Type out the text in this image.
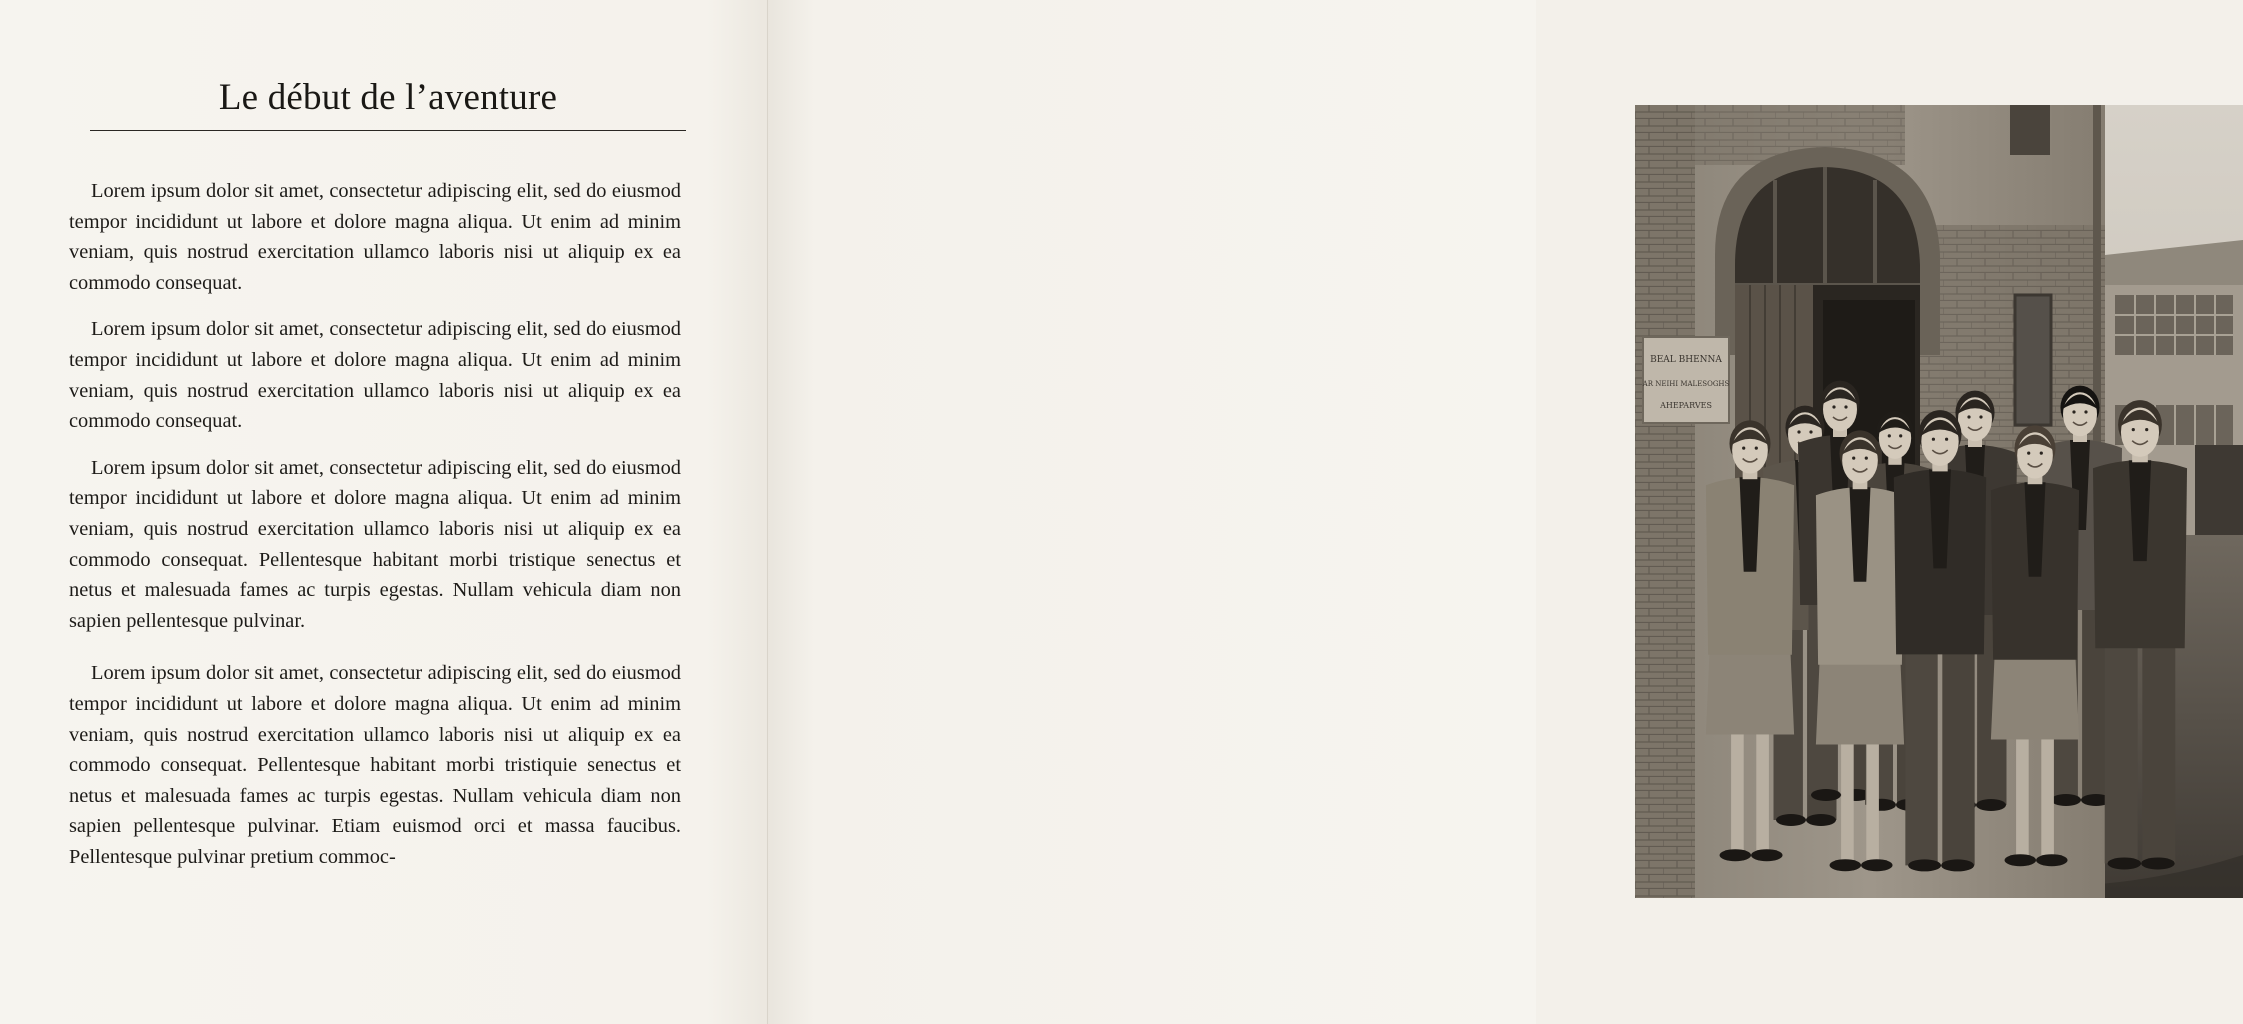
Le début de l’aventure

Lorem ipsum dolor sit amet, consectetur adipiscing elit, sed do eiusmod tempor incididunt ut labore et dolore magna aliqua. Ut enim ad minim veniam, quis nostrud exercitation ullamco laboris nisi ut aliquip ex ea commodo consequat.

Lorem ipsum dolor sit amet, consectetur adipiscing elit, sed do eiusmod tempor incididunt ut labore et dolore magna aliqua. Ut enim ad minim veniam, quis nostrud exercitation ullamco laboris nisi ut aliquip ex ea commodo consequat.

Lorem ipsum dolor sit amet, consectetur adipiscing elit, sed do eiusmod tempor incididunt ut labore et dolore magna aliqua. Ut enim ad minim veniam, quis nostrud exercitation ullamco laboris nisi ut aliquip ex ea commodo consequat. Pellentesque habitant morbi tristique senectus et netus et malesuada fames ac turpis egestas. Nullam vehicula diam non sapien pellentesque pulvinar.

Lorem ipsum dolor sit amet, consectetur adipiscing elit, sed do eiusmod tempor incididunt ut labore et dolore magna aliqua. Ut enim ad minim veniam, quis nostrud exercitation ullamco laboris nisi ut aliquip ex ea commodo consequat. Pellentesque habitant morbi tristiquie senectus et netus et malesuada fames ac turpis egestas. Nullam vehicula diam non sapien pellentesque pulvinar. Etiam euismod orci et massa faucibus. Pellentesque pulvinar pretium commoc-

BEAL BHENNA
AR NEIHI MALESOGHS
AHEPARVES
